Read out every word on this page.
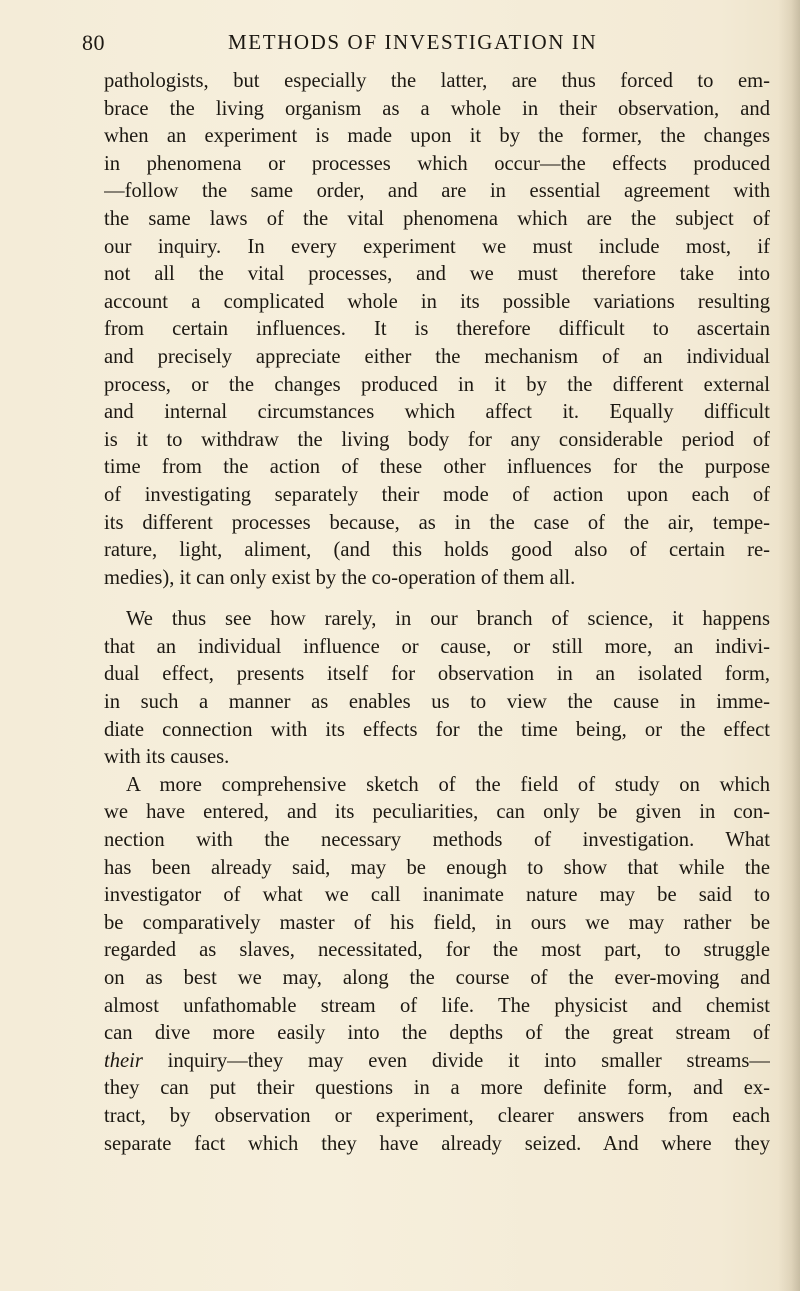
80	METHODS OF INVESTIGATION IN
pathologists, but especially the latter, are thus forced to em-
brace the living organism as a whole in their observation, and
when an experiment is made upon it by the former, the changes
in phenomena or processes which occur—the effects produced
—follow the same order, and are in essential agreement with
the same laws of the vital phenomena which are the subject of
our inquiry. In every experiment we must include most, if
not all the vital processes, and we must therefore take into
account a complicated whole in its possible variations resulting
from certain influences. It is therefore difficult to ascertain
and precisely appreciate either the mechanism of an individual
process, or the changes produced in it by the different external
and internal circumstances which affect it. Equally difficult
is it to withdraw the living body for any considerable period of
time from the action of these other influences for the purpose
of investigating separately their mode of action upon each of
its different processes because, as in the case of the air, tempe-
rature, light, aliment, (and this holds good also of certain re-
medies), it can only exist by the co-operation of them all.
We thus see how rarely, in our branch of science, it happens
that an individual influence or cause, or still more, an indivi-
dual effect, presents itself for observation in an isolated form,
in such a manner as enables us to view the cause in imme-
diate connection with its effects for the time being, or the effect
with its causes.
A more comprehensive sketch of the field of study on which
we have entered, and its peculiarities, can only be given in con-
nection with the necessary methods of investigation. What
has been already said, may be enough to show that while the
investigator of what we call inanimate nature may be said to
be comparatively master of his field, in ours we may rather be
regarded as slaves, necessitated, for the most part, to struggle
on as best we may, along the course of the ever-moving and
almost unfathomable stream of life. The physicist and chemist
can dive more easily into the depths of the great stream of
their inquiry—they may even divide it into smaller streams—
they can put their questions in a more definite form, and ex-
tract, by observation or experiment, clearer answers from each
separate fact which they have already seized. And where they
